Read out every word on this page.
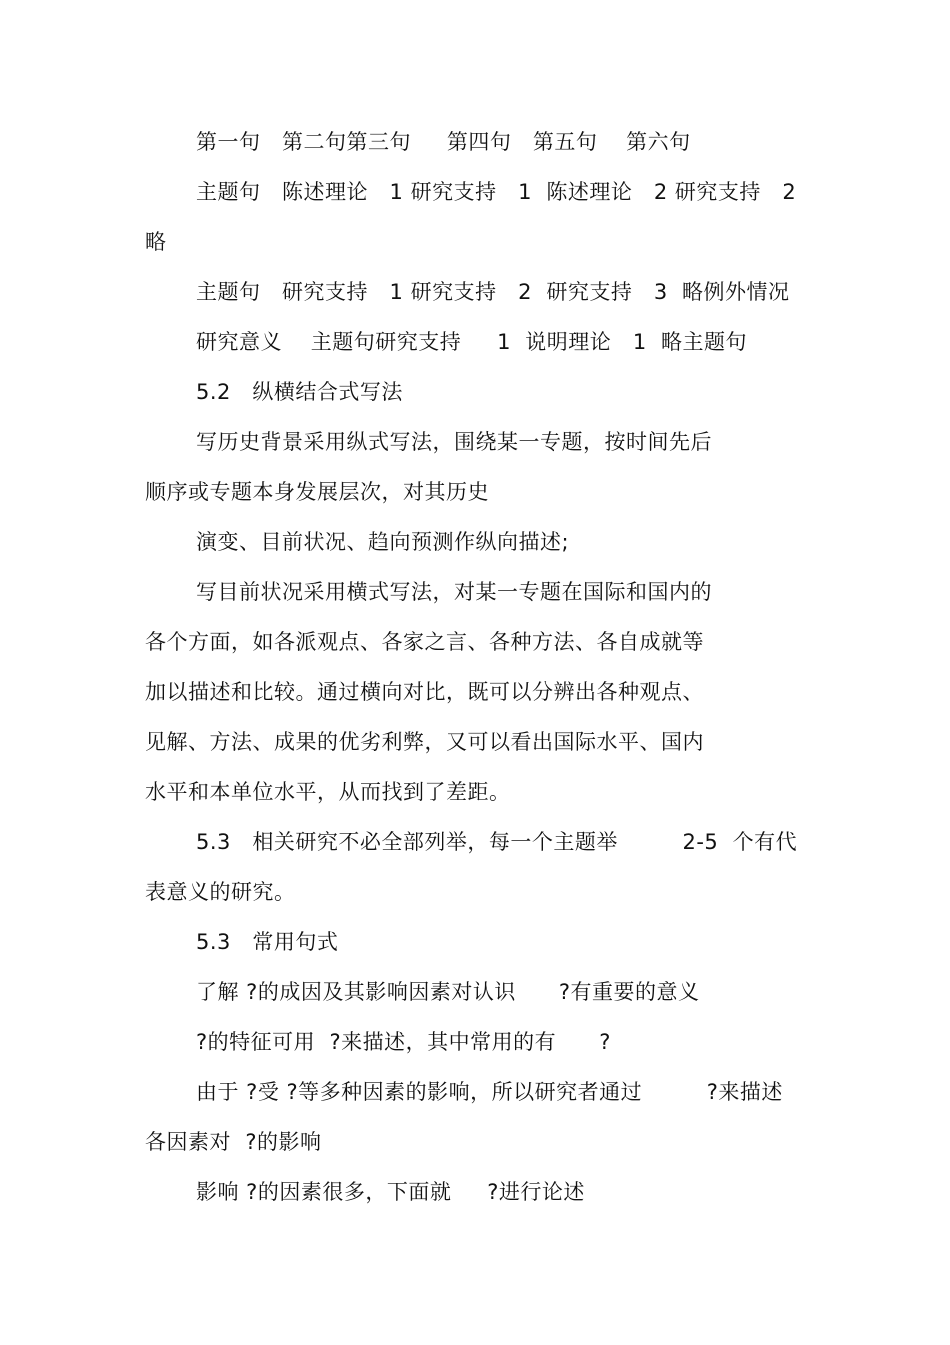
第一句   第二句第三句     第四句   第五句    第六句
主题句   陈述理论   1 研究支持   1  陈述理论   2 研究支持   2
略
主题句   研究支持   1 研究支持   2  研究支持   3  略例外情况
研究意义    主题句研究支持     1  说明理论   1  略主题句
5.2   纵横结合式写法
写历史背景采用纵式写法，围绕某一专题，按时间先后
顺序或专题本身发展层次，对其历史
演变、目前状况、趋向预测作纵向描述;
写目前状况采用横式写法，对某一专题在国际和国内的
各个方面，如各派观点、各家之言、各种方法、各自成就等
加以描述和比较。通过横向对比，既可以分辨出各种观点、
见解、方法、成果的优劣利弊，又可以看出国际水平、国内
水平和本单位水平，从而找到了差距。
5.3   相关研究不必全部列举，每一个主题举         2-5  个有代
表意义的研究。
5.3   常用句式
了解 ?的成因及其影响因素对认识      ?有重要的意义
?的特征可用  ?来描述，其中常用的有      ?
由于 ?受 ?等多种因素的影响，所以研究者通过         ?来描述
各因素对  ?的影响
影响 ?的因素很多，下面就     ?进行论述
